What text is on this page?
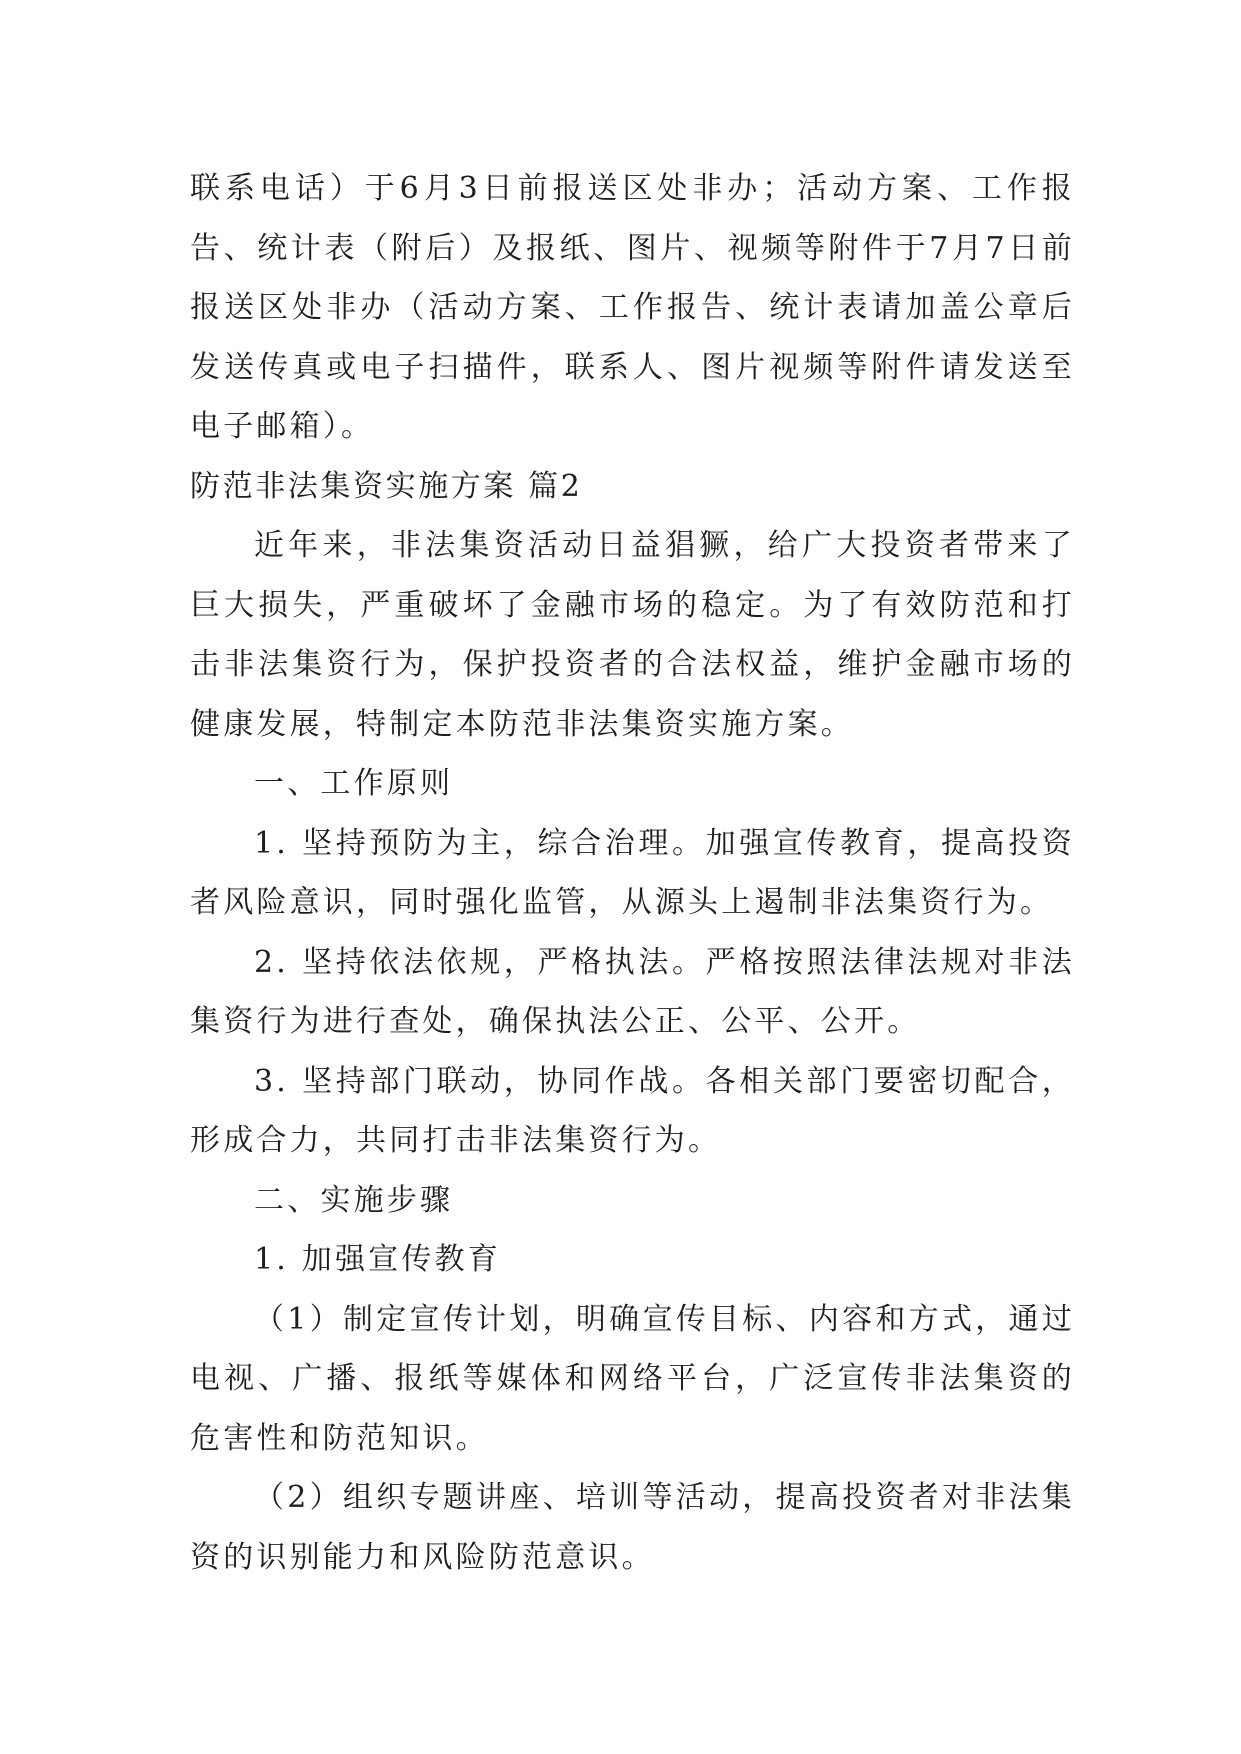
联系电话）于6月3日前报送区处非办；活动方案、工作报告、统计表（附后）及报纸、图片、视频等附件于7月7日前报送区处非办（活动方案、工作报告、统计表请加盖公章后发送传真或电子扫描件，联系人、图片视频等附件请发送至电子邮箱）。

防范非法集资实施方案 篇2

近年来，非法集资活动日益猖獗，给广大投资者带来了巨大损失，严重破坏了金融市场的稳定。为了有效防范和打击非法集资行为，保护投资者的合法权益，维护金融市场的健康发展，特制定本防范非法集资实施方案。

一、工作原则

1. 坚持预防为主，综合治理。加强宣传教育，提高投资者风险意识，同时强化监管，从源头上遏制非法集资行为。

2. 坚持依法依规，严格执法。严格按照法律法规对非法集资行为进行查处，确保执法公正、公平、公开。

3. 坚持部门联动，协同作战。各相关部门要密切配合，形成合力，共同打击非法集资行为。

二、实施步骤

1. 加强宣传教育

（1）制定宣传计划，明确宣传目标、内容和方式，通过电视、广播、报纸等媒体和网络平台，广泛宣传非法集资的危害性和防范知识。

（2）组织专题讲座、培训等活动，提高投资者对非法集资的识别能力和风险防范意识。
